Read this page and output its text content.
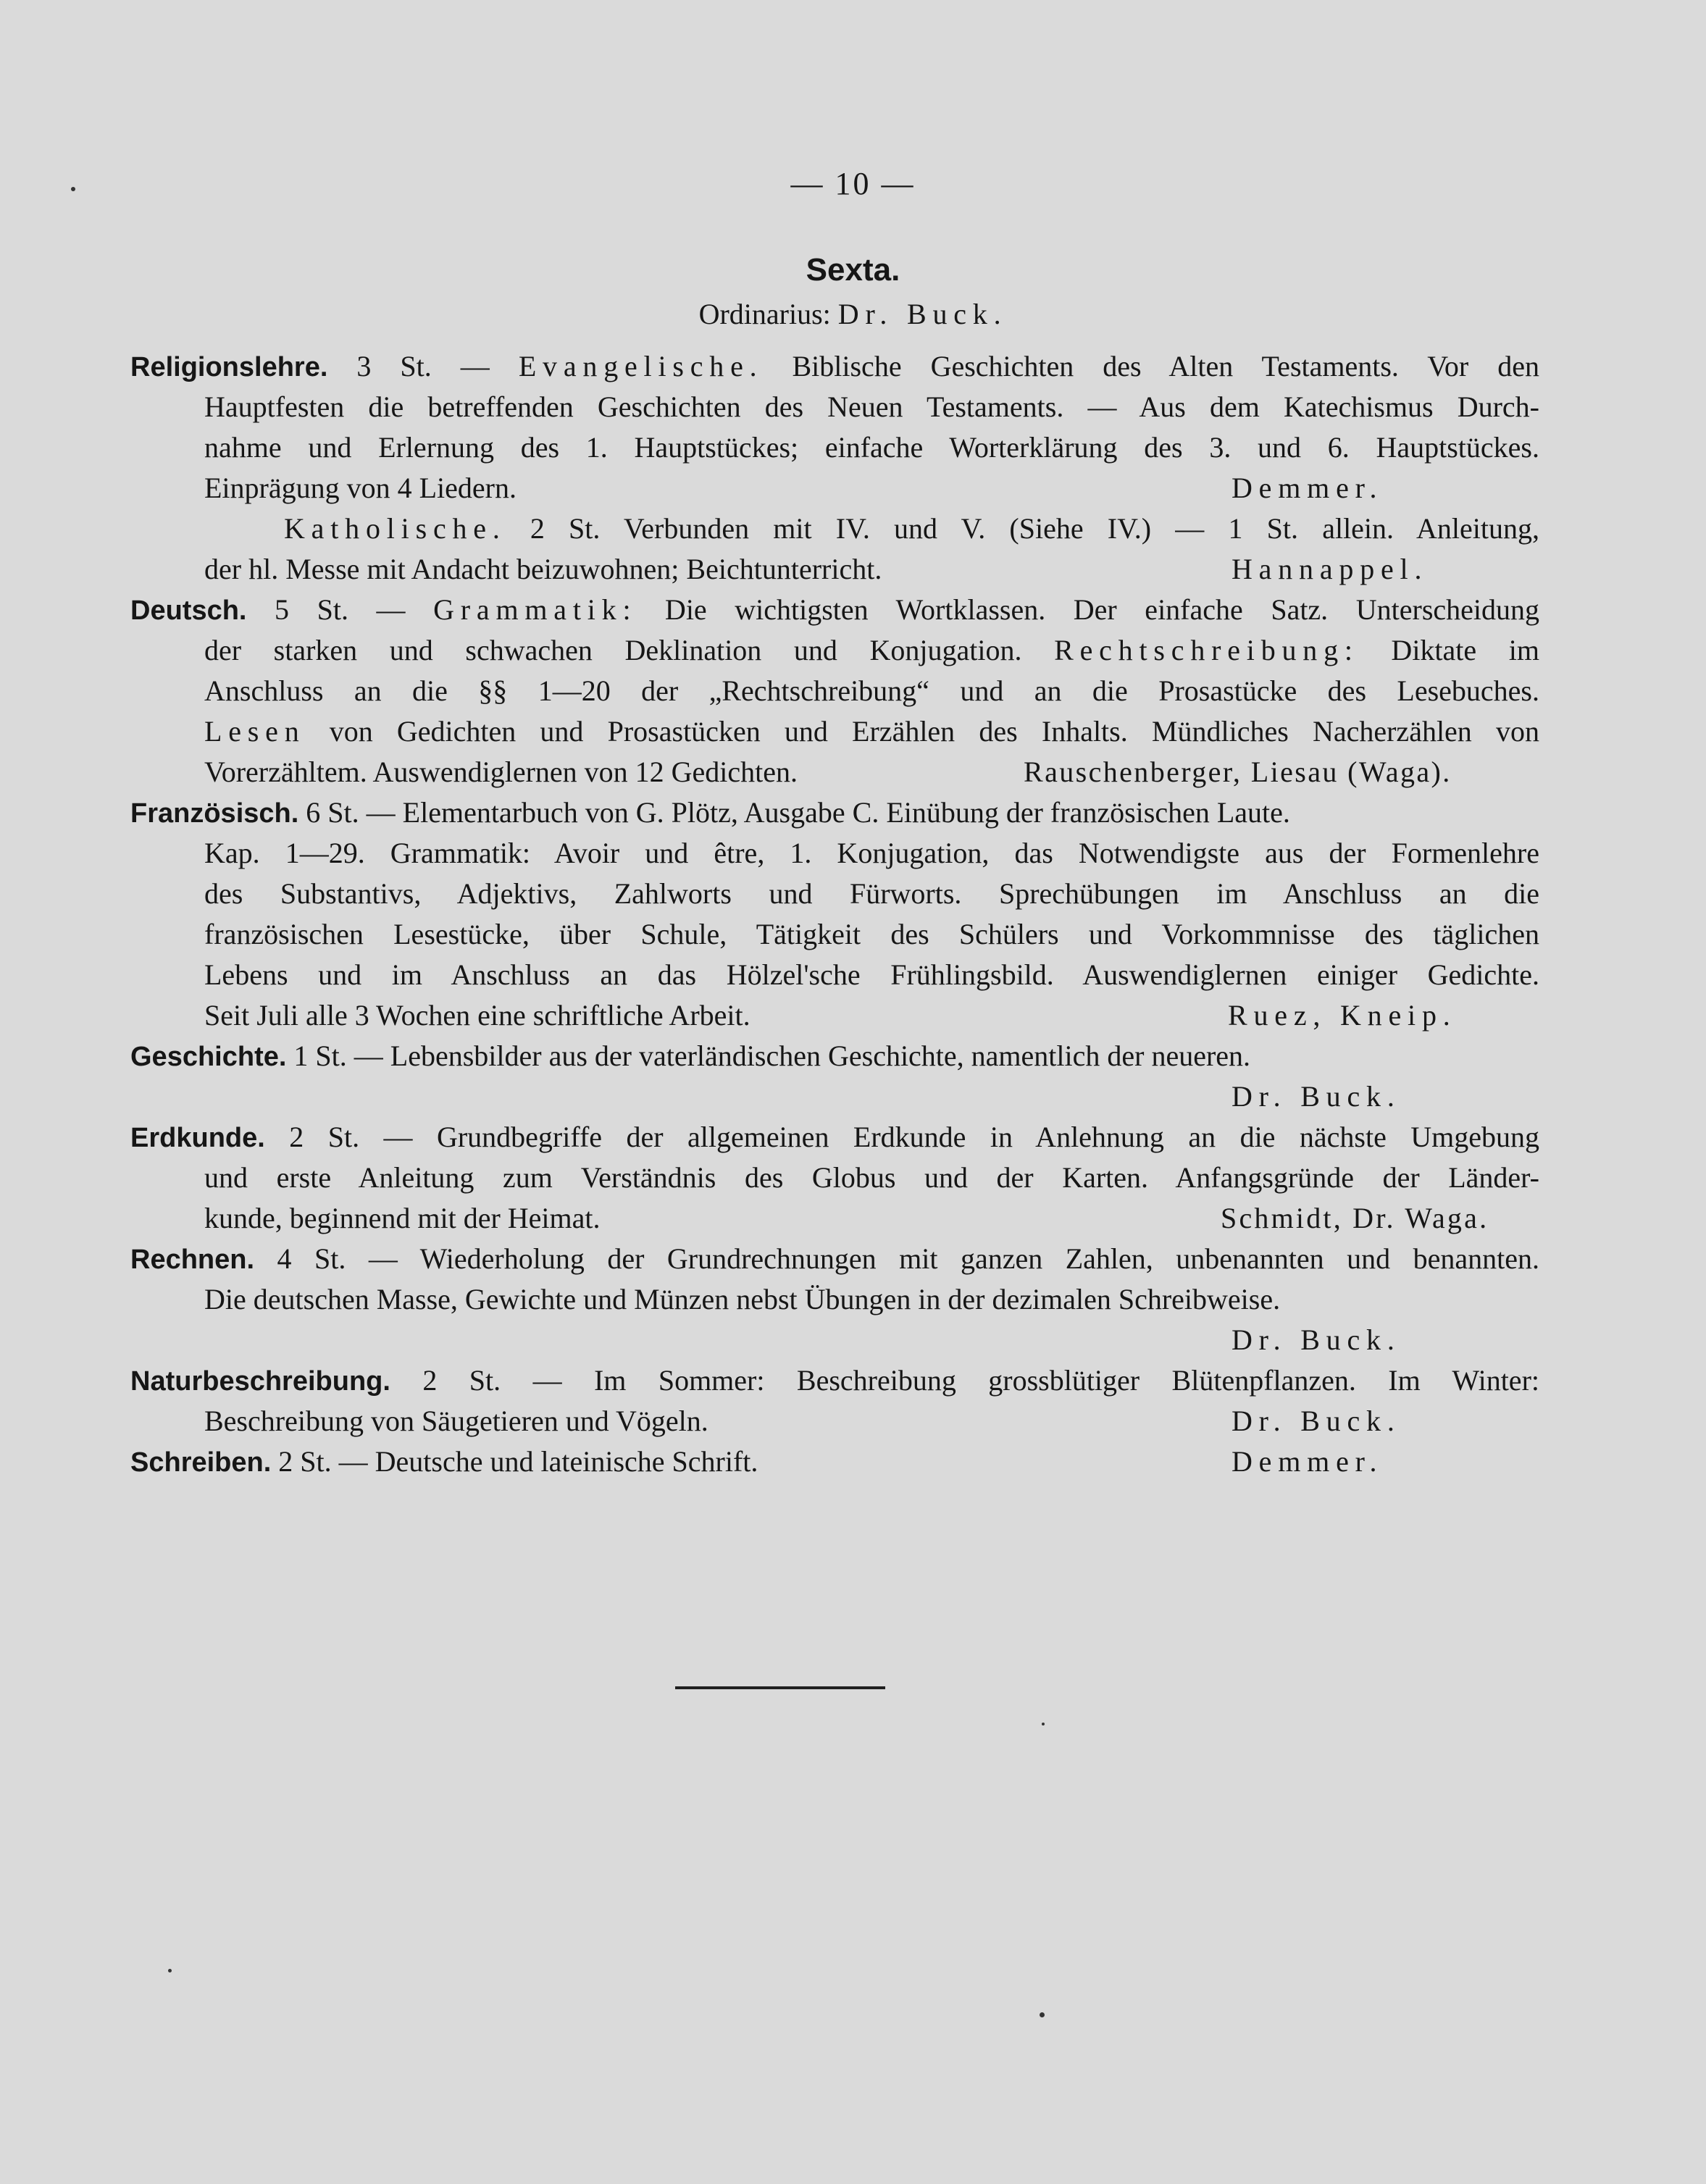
— 10 —
Sexta.
Ordinarius: Dr. Buck.
Religionslehre. 3 St. — Evangelische. Biblische Geschichten des Alten Testaments. Vor den
Hauptfesten die betreffenden Geschichten des Neuen Testaments. — Aus dem Katechismus Durch-
nahme und Erlernung des 1. Hauptstückes; einfache Worterklärung des 3. und 6. Hauptstückes.
Einprägung von 4 Liedern.	Demmer.
Katholische. 2 St. Verbunden mit IV. und V. (Siehe IV.) — 1 St. allein. Anleitung,
der hl. Messe mit Andacht beizuwohnen; Beichtunterricht.	Hannappel.
Deutsch. 5 St. — Grammatik: Die wichtigsten Wortklassen. Der einfache Satz. Unterscheidung
der starken und schwachen Deklination und Konjugation. Rechtschreibung: Diktate im
Anschluss an die §§ 1—20 der „Rechtschreibung“ und an die Prosastücke des Lesebuches.
Lesen von Gedichten und Prosastücken und Erzählen des Inhalts. Mündliches Nacherzählen von
Vorerzähltem. Auswendiglernen von 12 Gedichten.	Rauschenberger, Liesau (Waga).
Französisch. 6 St. — Elementarbuch von G. Plötz, Ausgabe C. Einübung der französischen Laute.
Kap. 1—29. Grammatik: Avoir und être, 1. Konjugation, das Notwendigste aus der Formenlehre
des Substantivs, Adjektivs, Zahlworts und Fürworts. Sprechübungen im Anschluss an die
französischen Lesestücke, über Schule, Tätigkeit des Schülers und Vorkommnisse des täglichen
Lebens und im Anschluss an das Hölzel'sche Frühlingsbild. Auswendiglernen einiger Gedichte.
Seit Juli alle 3 Wochen eine schriftliche Arbeit.	Ruez, Kneip.
Geschichte. 1 St. — Lebensbilder aus der vaterländischen Geschichte, namentlich der neueren.
Dr. Buck.
Erdkunde. 2 St. — Grundbegriffe der allgemeinen Erdkunde in Anlehnung an die nächste Umgebung
und erste Anleitung zum Verständnis des Globus und der Karten. Anfangsgründe der Länder-
kunde, beginnend mit der Heimat.	Schmidt, Dr. Waga.
Rechnen. 4 St. — Wiederholung der Grundrechnungen mit ganzen Zahlen, unbenannten und benannten.
Die deutschen Masse, Gewichte und Münzen nebst Übungen in der dezimalen Schreibweise.
Dr. Buck.
Naturbeschreibung. 2 St. — Im Sommer: Beschreibung grossblütiger Blütenpflanzen. Im Winter:
Beschreibung von Säugetieren und Vögeln.	Dr. Buck.
Schreiben. 2 St. — Deutsche und lateinische Schrift.	Demmer.
